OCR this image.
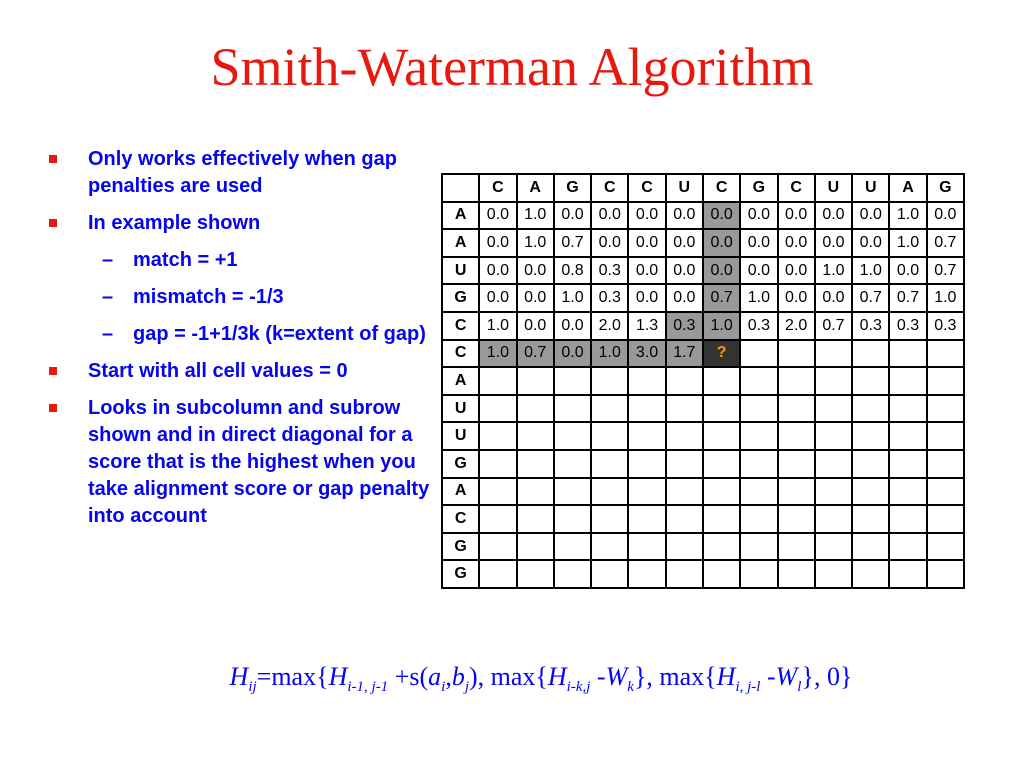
Smith-Waterman Algorithm
Only works effectively when gap penalties are used
In example shown
– match = +1
– mismatch = -1/3
– gap = -1+1/3k (k=extent of gap)
Start with all cell values = 0
Looks in subcolumn and subrow shown and in direct diagonal for a score that is the highest when you take alignment score or gap penalty into account
	C	A	G	C	C	U	C	G	C	U	U	A	G
A	0.0	1.0	0.0	0.0	0.0	0.0	0.0	0.0	0.0	0.0	0.0	1.0	0.0
A	0.0	1.0	0.7	0.0	0.0	0.0	0.0	0.0	0.0	0.0	0.0	1.0	0.7
U	0.0	0.0	0.8	0.3	0.0	0.0	0.0	0.0	0.0	1.0	1.0	0.0	0.7
G	0.0	0.0	1.0	0.3	0.0	0.0	0.7	1.0	0.0	0.0	0.7	0.7	1.0
C	1.0	0.0	0.0	2.0	1.3	0.3	1.0	0.3	2.0	0.7	0.3	0.3	0.3
C	1.0	0.7	0.0	1.0	3.0	1.7	?						
A													
U													
U													
G													
A													
C													
G													
G													
$H_{ij}=\max\{H_{i-1, j-1} +s(a_i,b_j)$, $\max\{H_{i-k,j}$ $-W_k$}, $\max\{H_{i, j-l}$ $-W_l$}, 0}
